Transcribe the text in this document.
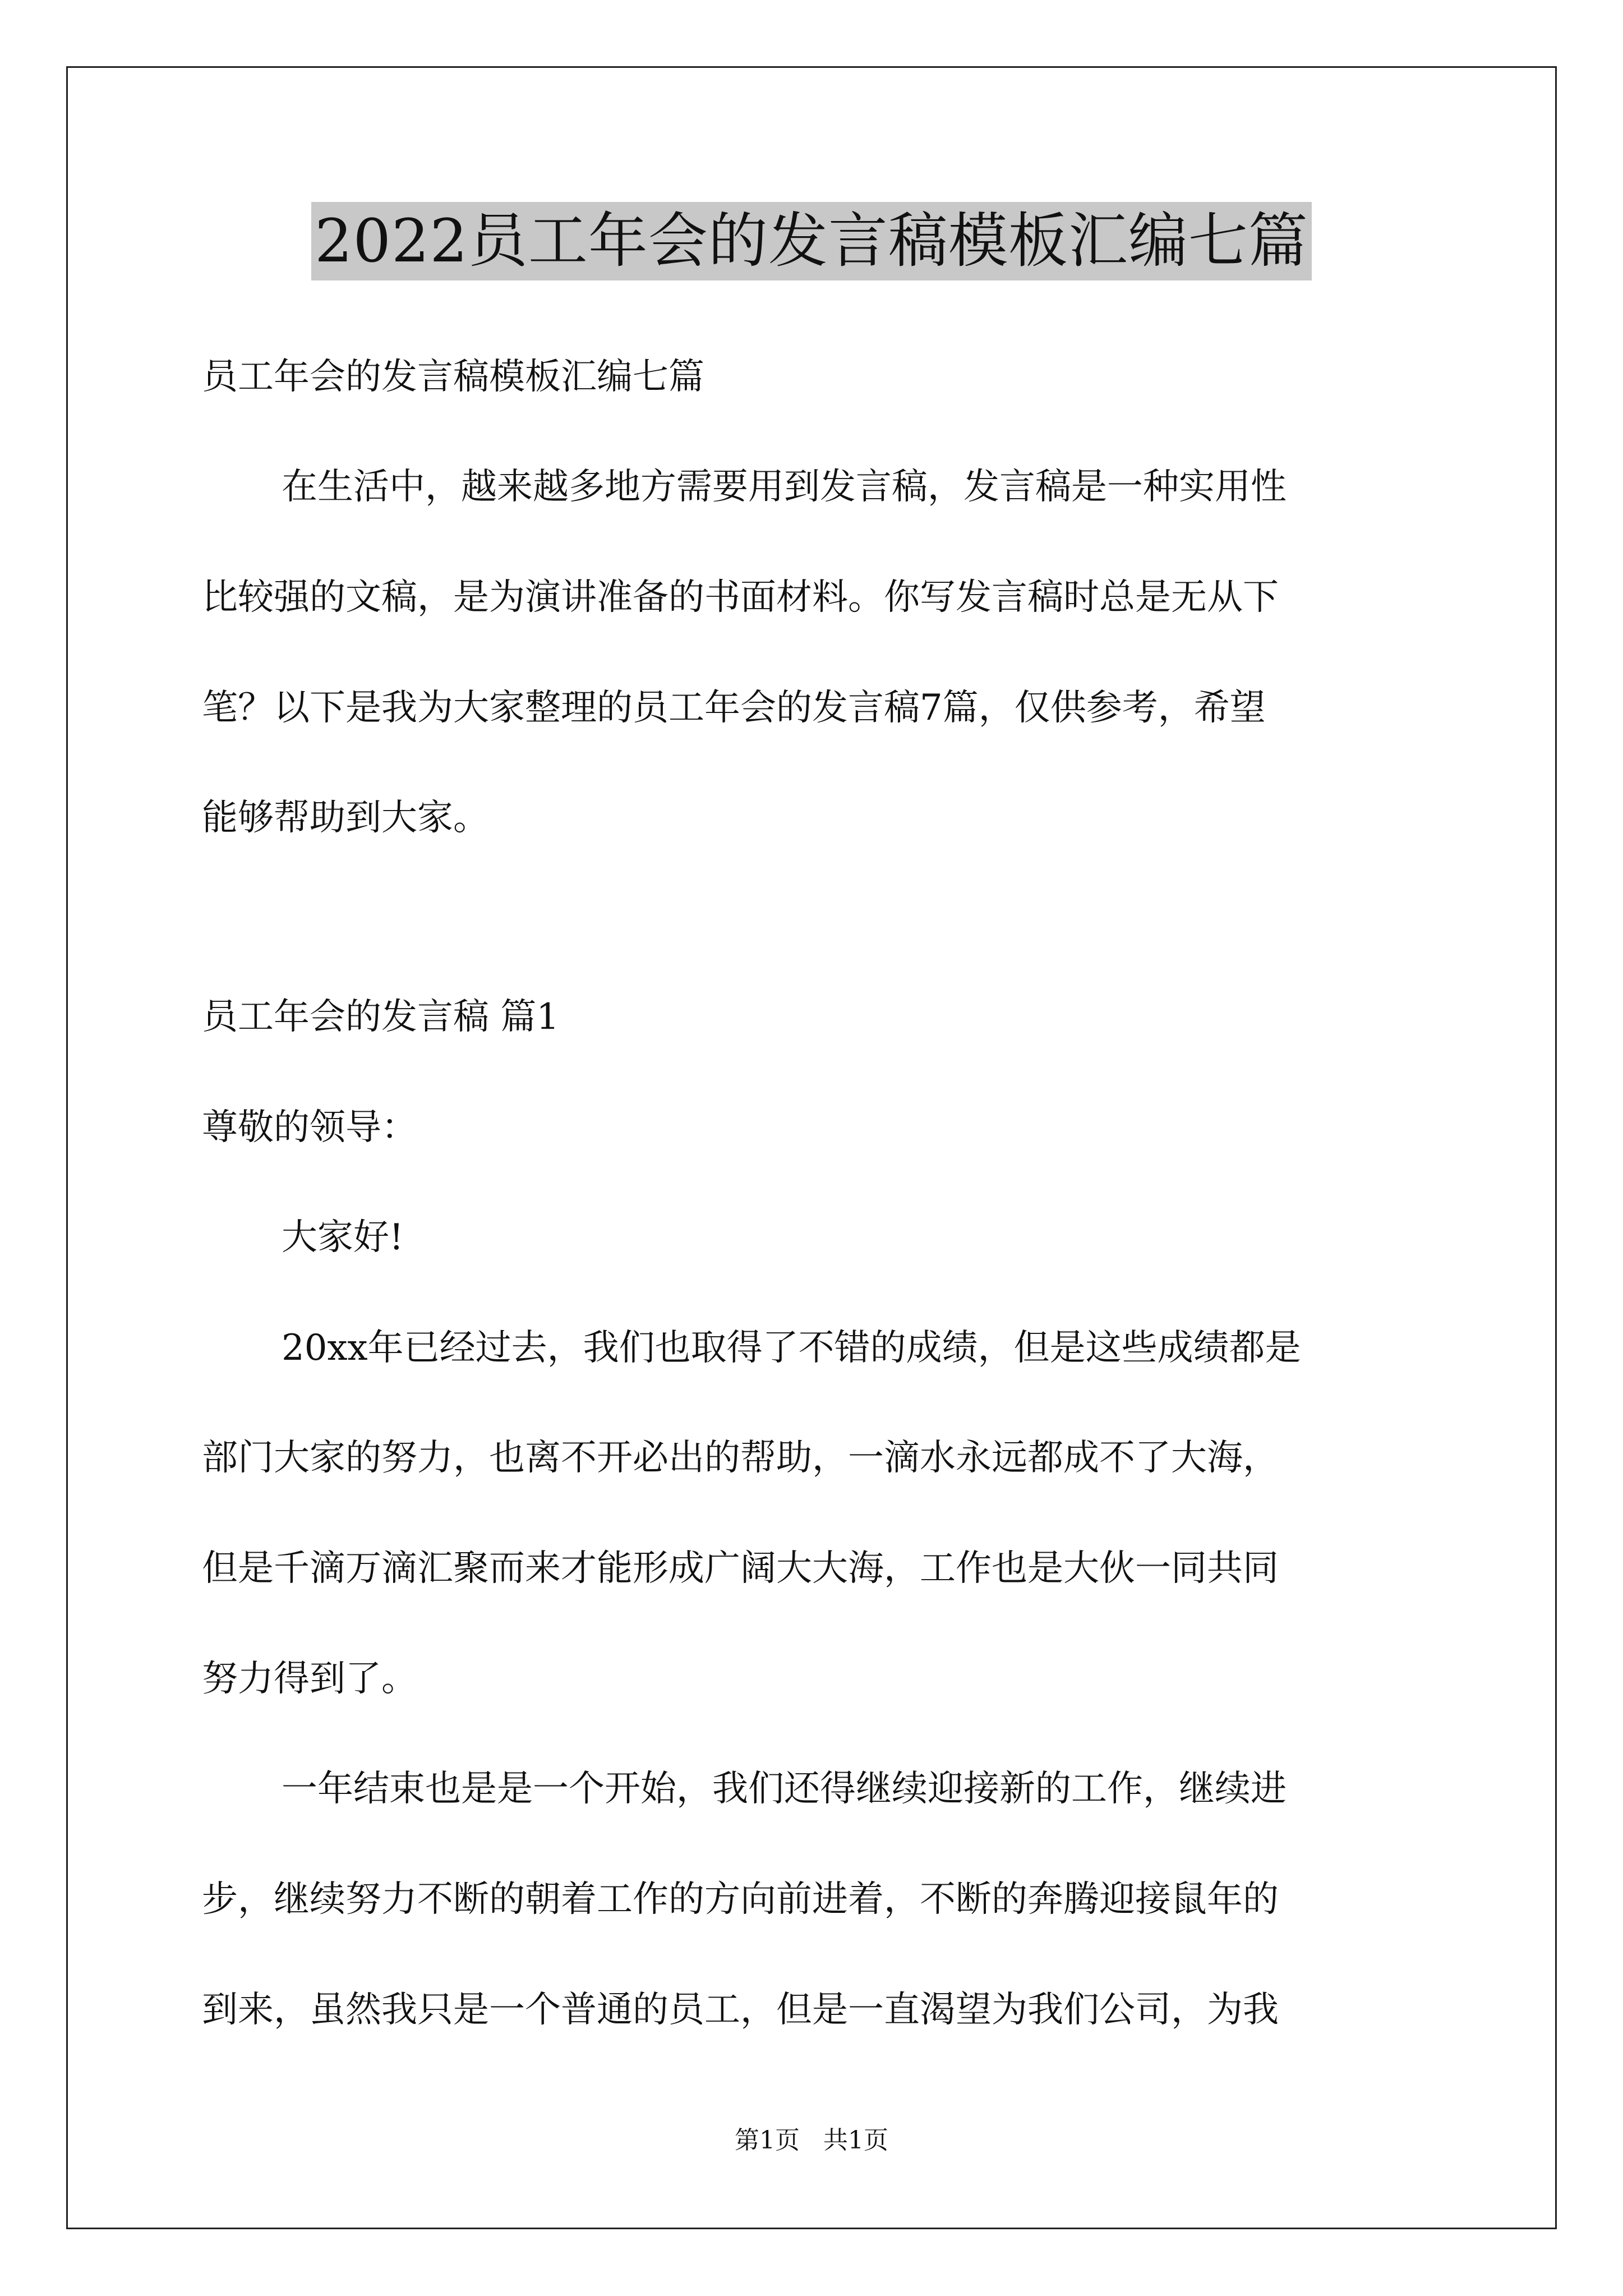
2022员工年会的发言稿模板汇编七篇
员工年会的发言稿模板汇编七篇
在生活中，越来越多地方需要用到发言稿，发言稿是一种实用性
比较强的文稿，是为演讲准备的书面材料。你写发言稿时总是无从下
笔？以下是我为大家整理的员工年会的发言稿7篇，仅供参考，希望
能够帮助到大家。
员工年会的发言稿 篇1
尊敬的领导：
大家好!
20xx年已经过去，我们也取得了不错的成绩，但是这些成绩都是
部门大家的努力，也离不开必出的帮助，一滴水永远都成不了大海，
但是千滴万滴汇聚而来才能形成广阔大大海，工作也是大伙一同共同
努力得到了。
一年结束也是是一个开始，我们还得继续迎接新的工作，继续进
步，继续努力不断的朝着工作的方向前进着，不断的奔腾迎接鼠年的
到来，虽然我只是一个普通的员工，但是一直渴望为我们公司，为我
第1页   共1页
